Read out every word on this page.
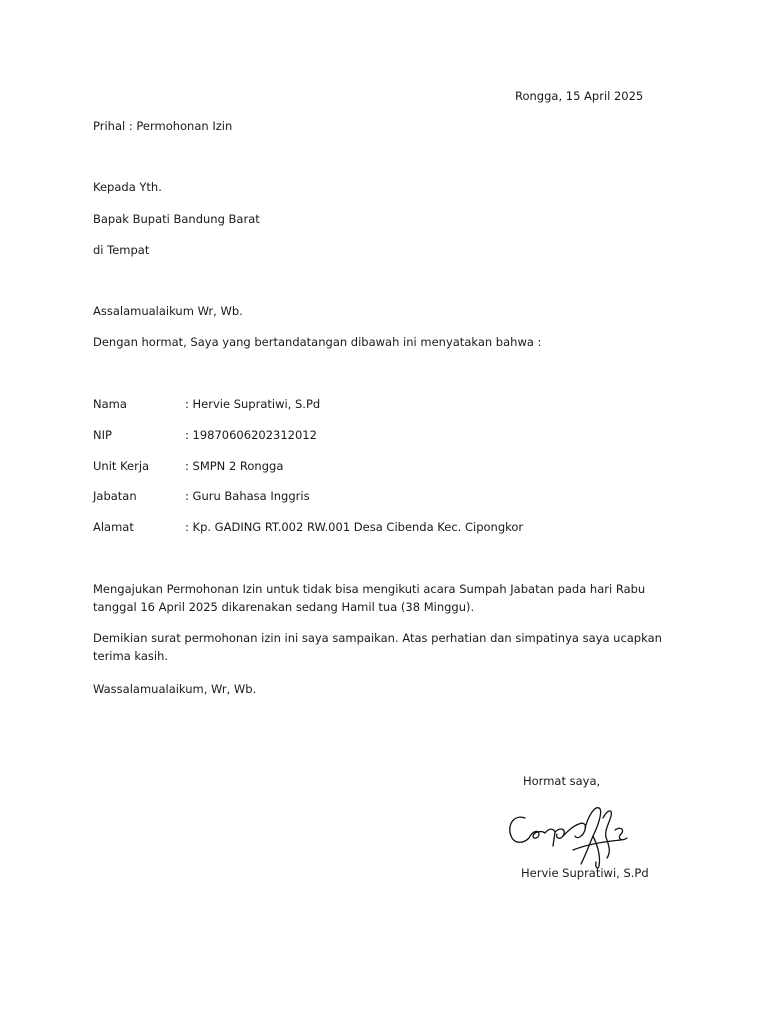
Rongga, 15 April 2025
Prihal : Permohonan Izin
Kepada Yth.
Bapak Bupati Bandung Barat
di Tempat
Assalamualaikum Wr, Wb.
Dengan hormat, Saya yang bertandatangan dibawah ini menyatakan bahwa :
Nama	: Hervie Supratiwi, S.Pd
NIP	: 19870606202312012
Unit Kerja	: SMPN 2 Rongga
Jabatan	: Guru Bahasa Inggris
Alamat	: Kp. GADING RT.002 RW.001 Desa Cibenda Kec. Cipongkor
Mengajukan Permohonan Izin untuk tidak bisa mengikuti acara Sumpah Jabatan pada hari Rabu tanggal 16 April 2025 dikarenakan sedang Hamil tua (38 Minggu).
Demikian surat permohonan izin ini saya sampaikan. Atas perhatian dan simpatinya saya ucapkan terima kasih.
Wassalamualaikum, Wr, Wb.
Hormat saya,
Hervie Supratiwi, S.Pd
